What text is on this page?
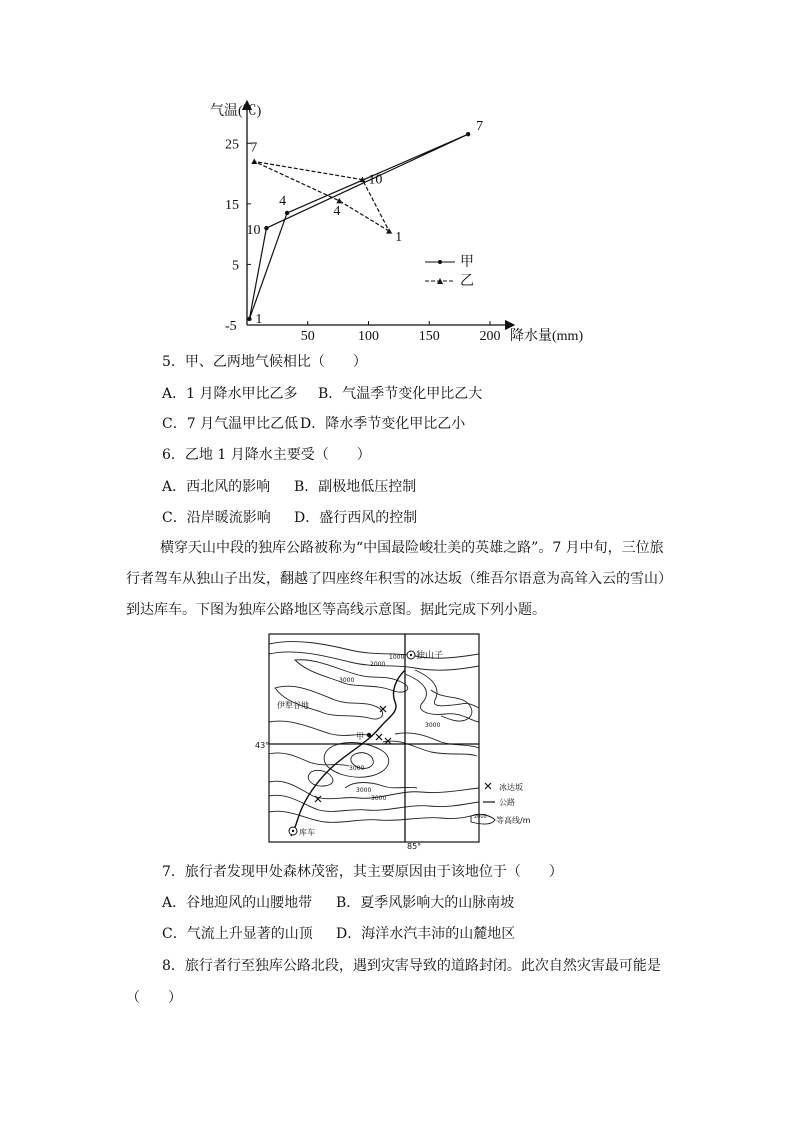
气温(℃)
降水量(mm)
50	100	150	200
-5
5
15
25
1
4
7
10	1
4
7
10
甲
乙
5．甲、乙两地气候相比（　　）
A．1 月降水甲比乙多 B．气温季节变化甲比乙大
C．7 月气温甲比乙低 D．降水季节变化甲比乙小
6．乙地 1 月降水主要受（　　）
A．西北风的影响 B．副极地低压控制
C．沿岸暖流影响 D．盛行西风的控制
横穿天山中段的独库公路被称为“中国最险峻壮美的英雄之路”。7 月中旬，三位旅行者驾车从独山子出发，翻越了四座终年积雪的冰达坂（维吾尔语意为高耸入云的雪山）到达库车。下图为独库公路地区等高线示意图。据此完成下列小题。
独山子
库车
伊犁谷地
甲
43°
85°
1000
2000
3000
3000
3000
3000
3000
冰达坂
公路
2000 等高线/m
7．旅行者发现甲处森林茂密，其主要原因由于该地位于（　　）
A．谷地迎风的山腰地带 B．夏季风影响大的山脉南坡
C．气流上升显著的山顶 D．海洋水汽丰沛的山麓地区
8．旅行者行至独库公路北段，遇到灾害导致的道路封闭。此次自然灾害最可能是
（　　）
